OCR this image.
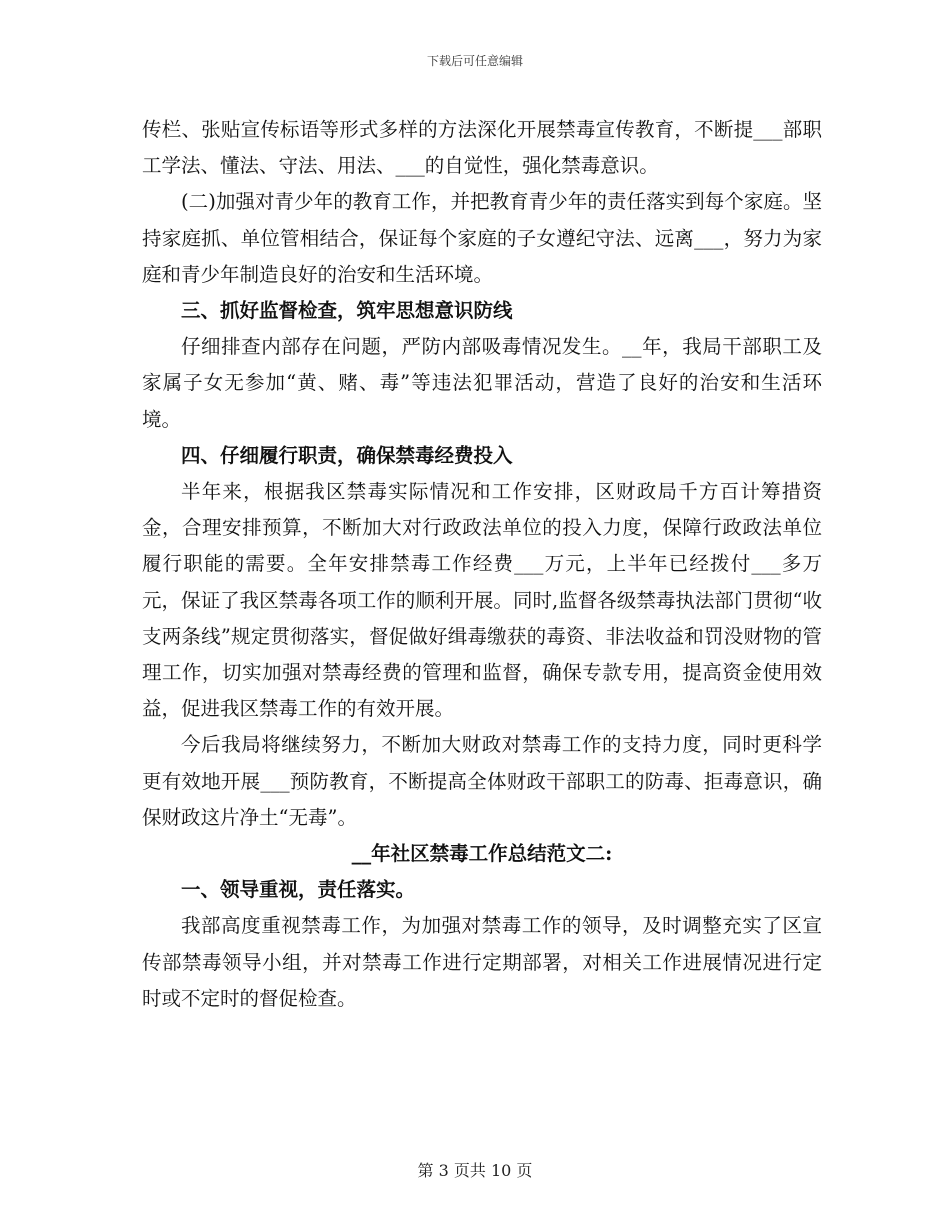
下载后可任意编辑

传栏、张贴宣传标语等形式多样的方法深化开展禁毒宣传教育，不断提___部职工学法、懂法、守法、用法、___的自觉性，强化禁毒意识。

(二)加强对青少年的教育工作，并把教育青少年的责任落实到每个家庭。坚持家庭抓、单位管相结合，保证每个家庭的子女遵纪守法、远离___，努力为家庭和青少年制造良好的治安和生活环境。

三、抓好监督检查，筑牢思想意识防线

仔细排查内部存在问题，严防内部吸毒情况发生。__年，我局干部职工及家属子女无参加“黄、赌、毒”等违法犯罪活动，营造了良好的治安和生活环境。

四、仔细履行职责，确保禁毒经费投入

半年来，根据我区禁毒实际情况和工作安排，区财政局千方百计筹措资金，合理安排预算，不断加大对行政政法单位的投入力度，保障行政政法单位履行职能的需要。全年安排禁毒工作经费___万元，上半年已经拨付___多万元，保证了我区禁毒各项工作的顺利开展。同时,监督各级禁毒执法部门贯彻“收支两条线”规定贯彻落实，督促做好缉毒缴获的毒资、非法收益和罚没财物的管理工作，切实加强对禁毒经费的管理和监督，确保专款专用，提高资金使用效益，促进我区禁毒工作的有效开展。

今后我局将继续努力，不断加大财政对禁毒工作的支持力度，同时更科学更有效地开展___预防教育，不断提高全体财政干部职工的防毒、拒毒意识，确保财政这片净土“无毒”。

__年社区禁毒工作总结范文二:

一、领导重视，责任落实。

我部高度重视禁毒工作，为加强对禁毒工作的领导，及时调整充实了区宣传部禁毒领导小组，并对禁毒工作进行定期部署，对相关工作进展情况进行定时或不定时的督促检查。

第 3 页共 10 页
